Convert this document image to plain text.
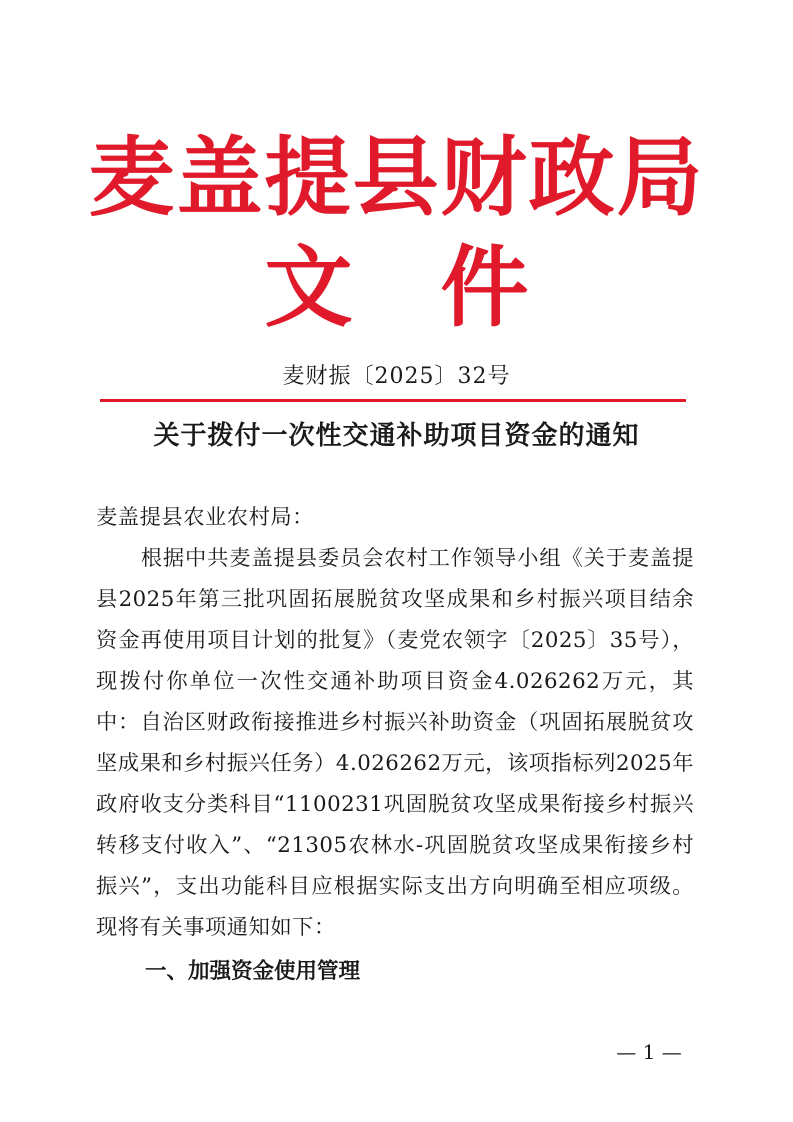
麦盖提县财政局
文 件
麦财振〔2025〕32号
关于拨付一次性交通补助项目资金的通知

麦盖提县农业农村局：

根据中共麦盖提县委员会农村工作领导小组《关于麦盖提县2025年第三批巩固拓展脱贫攻坚成果和乡村振兴项目结余资金再使用项目计划的批复》（麦党农领字〔2025〕35号），现拨付你单位一次性交通补助项目资金4.026262万元，其中：自治区财政衔接推进乡村振兴补助资金（巩固拓展脱贫攻坚成果和乡村振兴任务）4.026262万元，该项指标列2025年政府收支分类科目“1100231巩固脱贫攻坚成果衔接乡村振兴转移支付收入”、“21305农林水-巩固脱贫攻坚成果衔接乡村振兴”，支出功能科目应根据实际支出方向明确至相应项级。现将有关事项通知如下：

一、加强资金使用管理
— 1 —
